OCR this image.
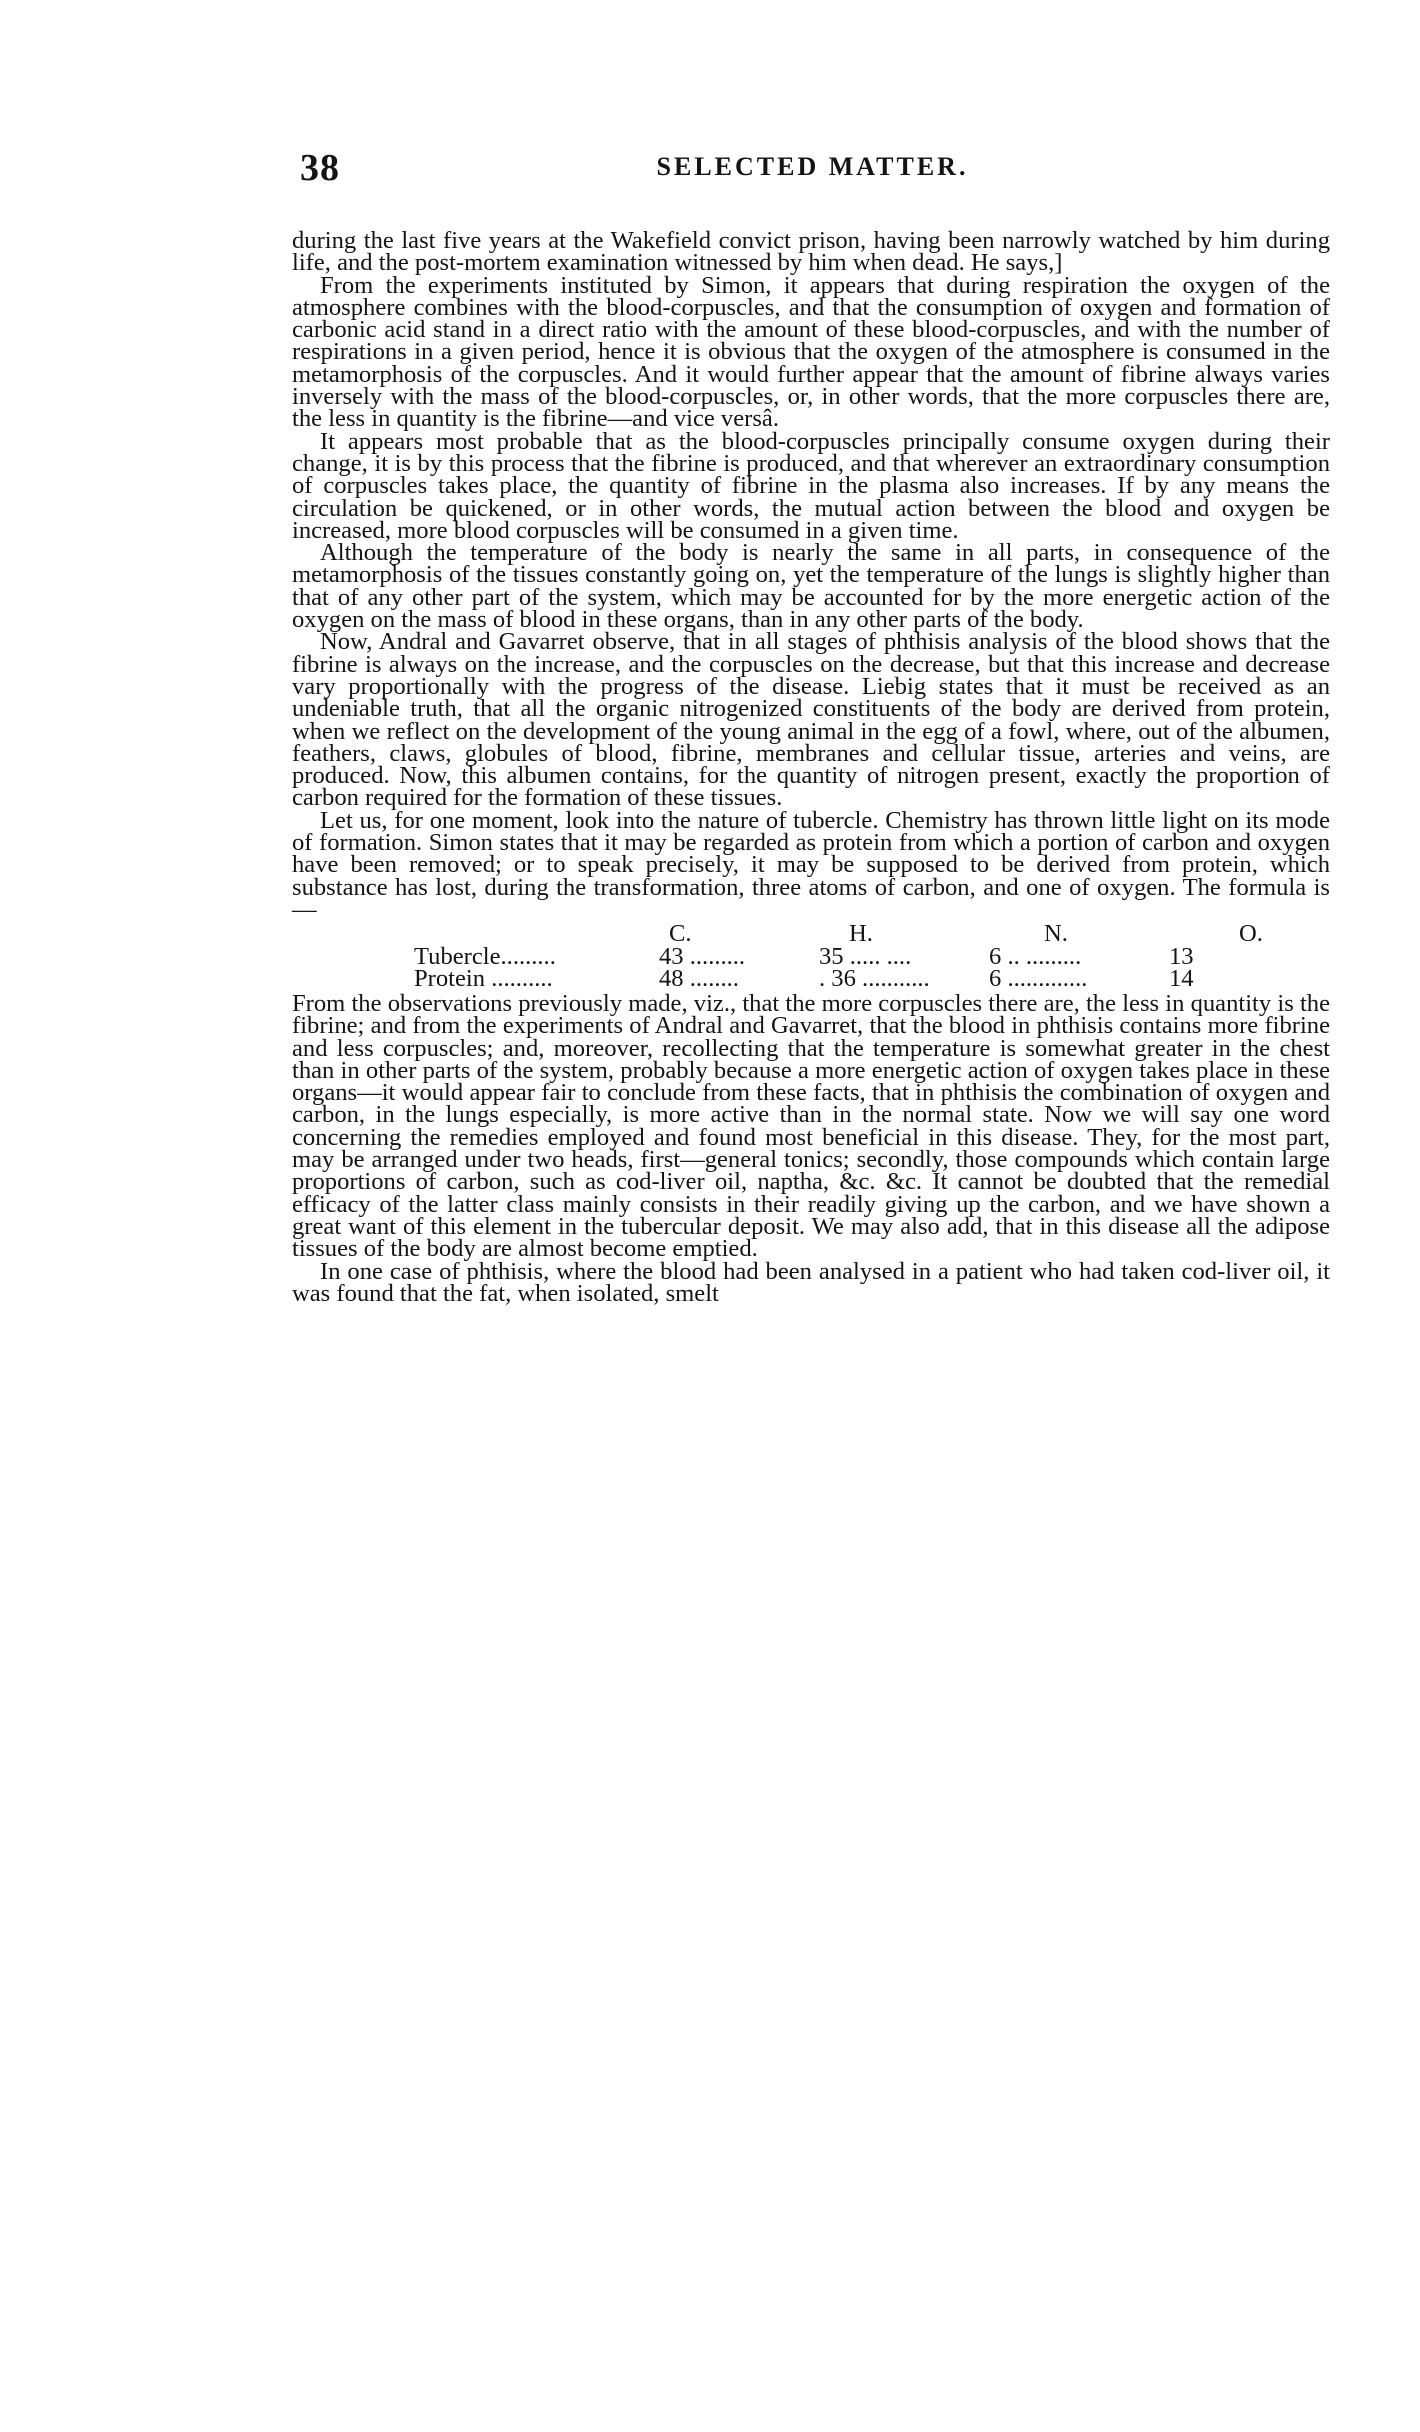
38	SELECTED MATTER.

during the last five years at the Wakefield convict prison, having been narrowly watched by him during life, and the post-mortem examination witnessed by him when dead. He says,]

From the experiments instituted by Simon, it appears that during respiration the oxygen of the atmosphere combines with the blood-corpuscles, and that the consumption of oxygen and formation of carbonic acid stand in a direct ratio with the amount of these blood-corpuscles, and with the number of respirations in a given period, hence it is obvious that the oxygen of the atmosphere is consumed in the metamorphosis of the corpuscles. And it would further appear that the amount of fibrine always varies inversely with the mass of the blood-corpuscles, or, in other words, that the more corpuscles there are, the less in quantity is the fibrine—and vice versâ.

It appears most probable that as the blood-corpuscles principally consume oxygen during their change, it is by this process that the fibrine is produced, and that wherever an extraordinary consumption of corpuscles takes place, the quantity of fibrine in the plasma also increases. If by any means the circulation be quickened, or in other words, the mutual action between the blood and oxygen be increased, more blood corpuscles will be consumed in a given time.

Although the temperature of the body is nearly the same in all parts, in consequence of the metamorphosis of the tissues constantly going on, yet the temperature of the lungs is slightly higher than that of any other part of the system, which may be accounted for by the more energetic action of the oxygen on the mass of blood in these organs, than in any other parts of the body.

Now, Andral and Gavarret observe, that in all stages of phthisis analysis of the blood shows that the fibrine is always on the increase, and the corpuscles on the decrease, but that this increase and decrease vary proportionally with the progress of the disease. Liebig states that it must be received as an undeniable truth, that all the organic nitrogenized constituents of the body are derived from protein, when we reflect on the development of the young animal in the egg of a fowl, where, out of the albumen, feathers, claws, globules of blood, fibrine, membranes and cellular tissue, arteries and veins, are produced. Now, this albumen contains, for the quantity of nitrogen present, exactly the proportion of carbon required for the formation of these tissues.

Let us, for one moment, look into the nature of tubercle. Chemistry has thrown little light on its mode of formation. Simon states that it may be regarded as protein from which a portion of carbon and oxygen have been removed; or to speak precisely, it may be supposed to be derived from protein, which substance has lost, during the transformation, three atoms of carbon, and one of oxygen. The formula is—

C.	H.	N.	O.
Tubercle.........	43 .........	35 ..... ....	6 .. .........	13
Protein ..........	48 ........	. 36 ...........	6 .............	14

From the observations previously made, viz., that the more corpuscles there are, the less in quantity is the fibrine; and from the experiments of Andral and Gavarret, that the blood in phthisis contains more fibrine and less corpuscles; and, moreover, recollecting that the temperature is somewhat greater in the chest than in other parts of the system, probably because a more energetic action of oxygen takes place in these organs—it would appear fair to conclude from these facts, that in phthisis the combination of oxygen and carbon, in the lungs especially, is more active than in the normal state. Now we will say one word concerning the remedies employed and found most beneficial in this disease. They, for the most part, may be arranged under two heads, first—general tonics; secondly, those compounds which contain large proportions of carbon, such as cod-liver oil, naptha, &c. &c. It cannot be doubted that the remedial efficacy of the latter class mainly consists in their readily giving up the carbon, and we have shown a great want of this element in the tubercular deposit. We may also add, that in this disease all the adipose tissues of the body are almost become emptied.

In one case of phthisis, where the blood had been analysed in a patient who had taken cod-liver oil, it was found that the fat, when isolated, smelt
